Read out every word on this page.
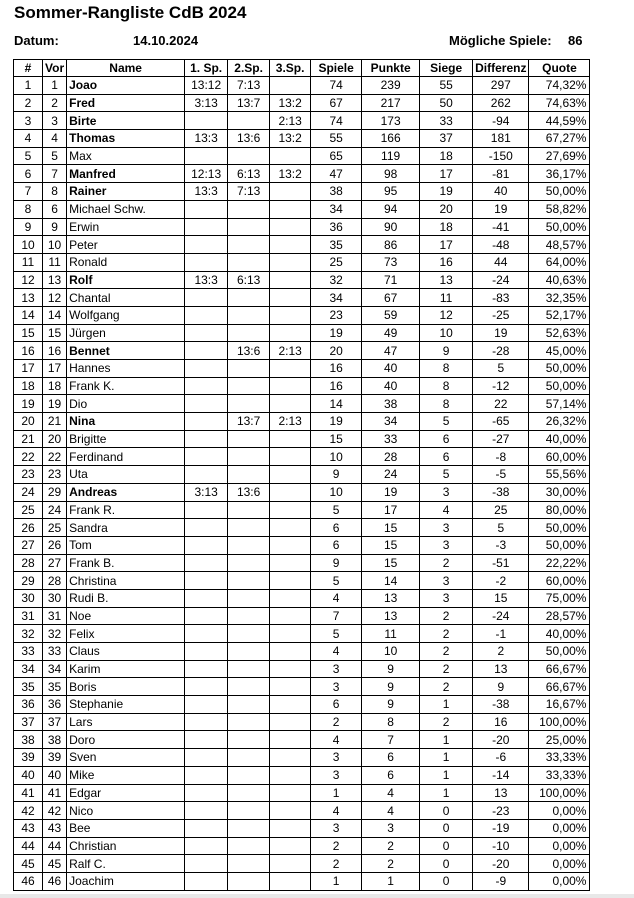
Sommer-Rangliste CdB 2024
Datum:	14.10.2024	Mögliche Spiele: 86
#	Vor	Name	1. Sp.	2.Sp.	3.Sp.	Spiele	Punkte	Siege	Differenz	Quote
1	1	Joao	13:12	7:13		74	239	55	297	74,32%
2	2	Fred	3:13	13:7	13:2	67	217	50	262	74,63%
3	3	Birte			2:13	74	173	33	-94	44,59%
4	4	Thomas	13:3	13:6	13:2	55	166	37	181	67,27%
5	5	Max				65	119	18	-150	27,69%
6	7	Manfred	12:13	6:13	13:2	47	98	17	-81	36,17%
7	8	Rainer	13:3	7:13		38	95	19	40	50,00%
8	6	Michael Schw.				34	94	20	19	58,82%
9	9	Erwin				36	90	18	-41	50,00%
10	10	Peter				35	86	17	-48	48,57%
11	11	Ronald				25	73	16	44	64,00%
12	13	Rolf	13:3	6:13		32	71	13	-24	40,63%
13	12	Chantal				34	67	11	-83	32,35%
14	14	Wolfgang				23	59	12	-25	52,17%
15	15	Jürgen				19	49	10	19	52,63%
16	16	Bennet		13:6	2:13	20	47	9	-28	45,00%
17	17	Hannes				16	40	8	5	50,00%
18	18	Frank K.				16	40	8	-12	50,00%
19	19	Dio				14	38	8	22	57,14%
20	21	Nina		13:7	2:13	19	34	5	-65	26,32%
21	20	Brigitte				15	33	6	-27	40,00%
22	22	Ferdinand				10	28	6	-8	60,00%
23	23	Uta				9	24	5	-5	55,56%
24	29	Andreas	3:13	13:6		10	19	3	-38	30,00%
25	24	Frank R.				5	17	4	25	80,00%
26	25	Sandra				6	15	3	5	50,00%
27	26	Tom				6	15	3	-3	50,00%
28	27	Frank B.				9	15	2	-51	22,22%
29	28	Christina				5	14	3	-2	60,00%
30	30	Rudi B.				4	13	3	15	75,00%
31	31	Noe				7	13	2	-24	28,57%
32	32	Felix				5	11	2	-1	40,00%
33	33	Claus				4	10	2	2	50,00%
34	34	Karim				3	9	2	13	66,67%
35	35	Boris				3	9	2	9	66,67%
36	36	Stephanie				6	9	1	-38	16,67%
37	37	Lars				2	8	2	16	100,00%
38	38	Doro				4	7	1	-20	25,00%
39	39	Sven				3	6	1	-6	33,33%
40	40	Mike				3	6	1	-14	33,33%
41	41	Edgar				1	4	1	13	100,00%
42	42	Nico				4	4	0	-23	0,00%
43	43	Bee				3	3	0	-19	0,00%
44	44	Christian				2	2	0	-10	0,00%
45	45	Ralf C.				2	2	0	-20	0,00%
46	46	Joachim				1	1	0	-9	0,00%
